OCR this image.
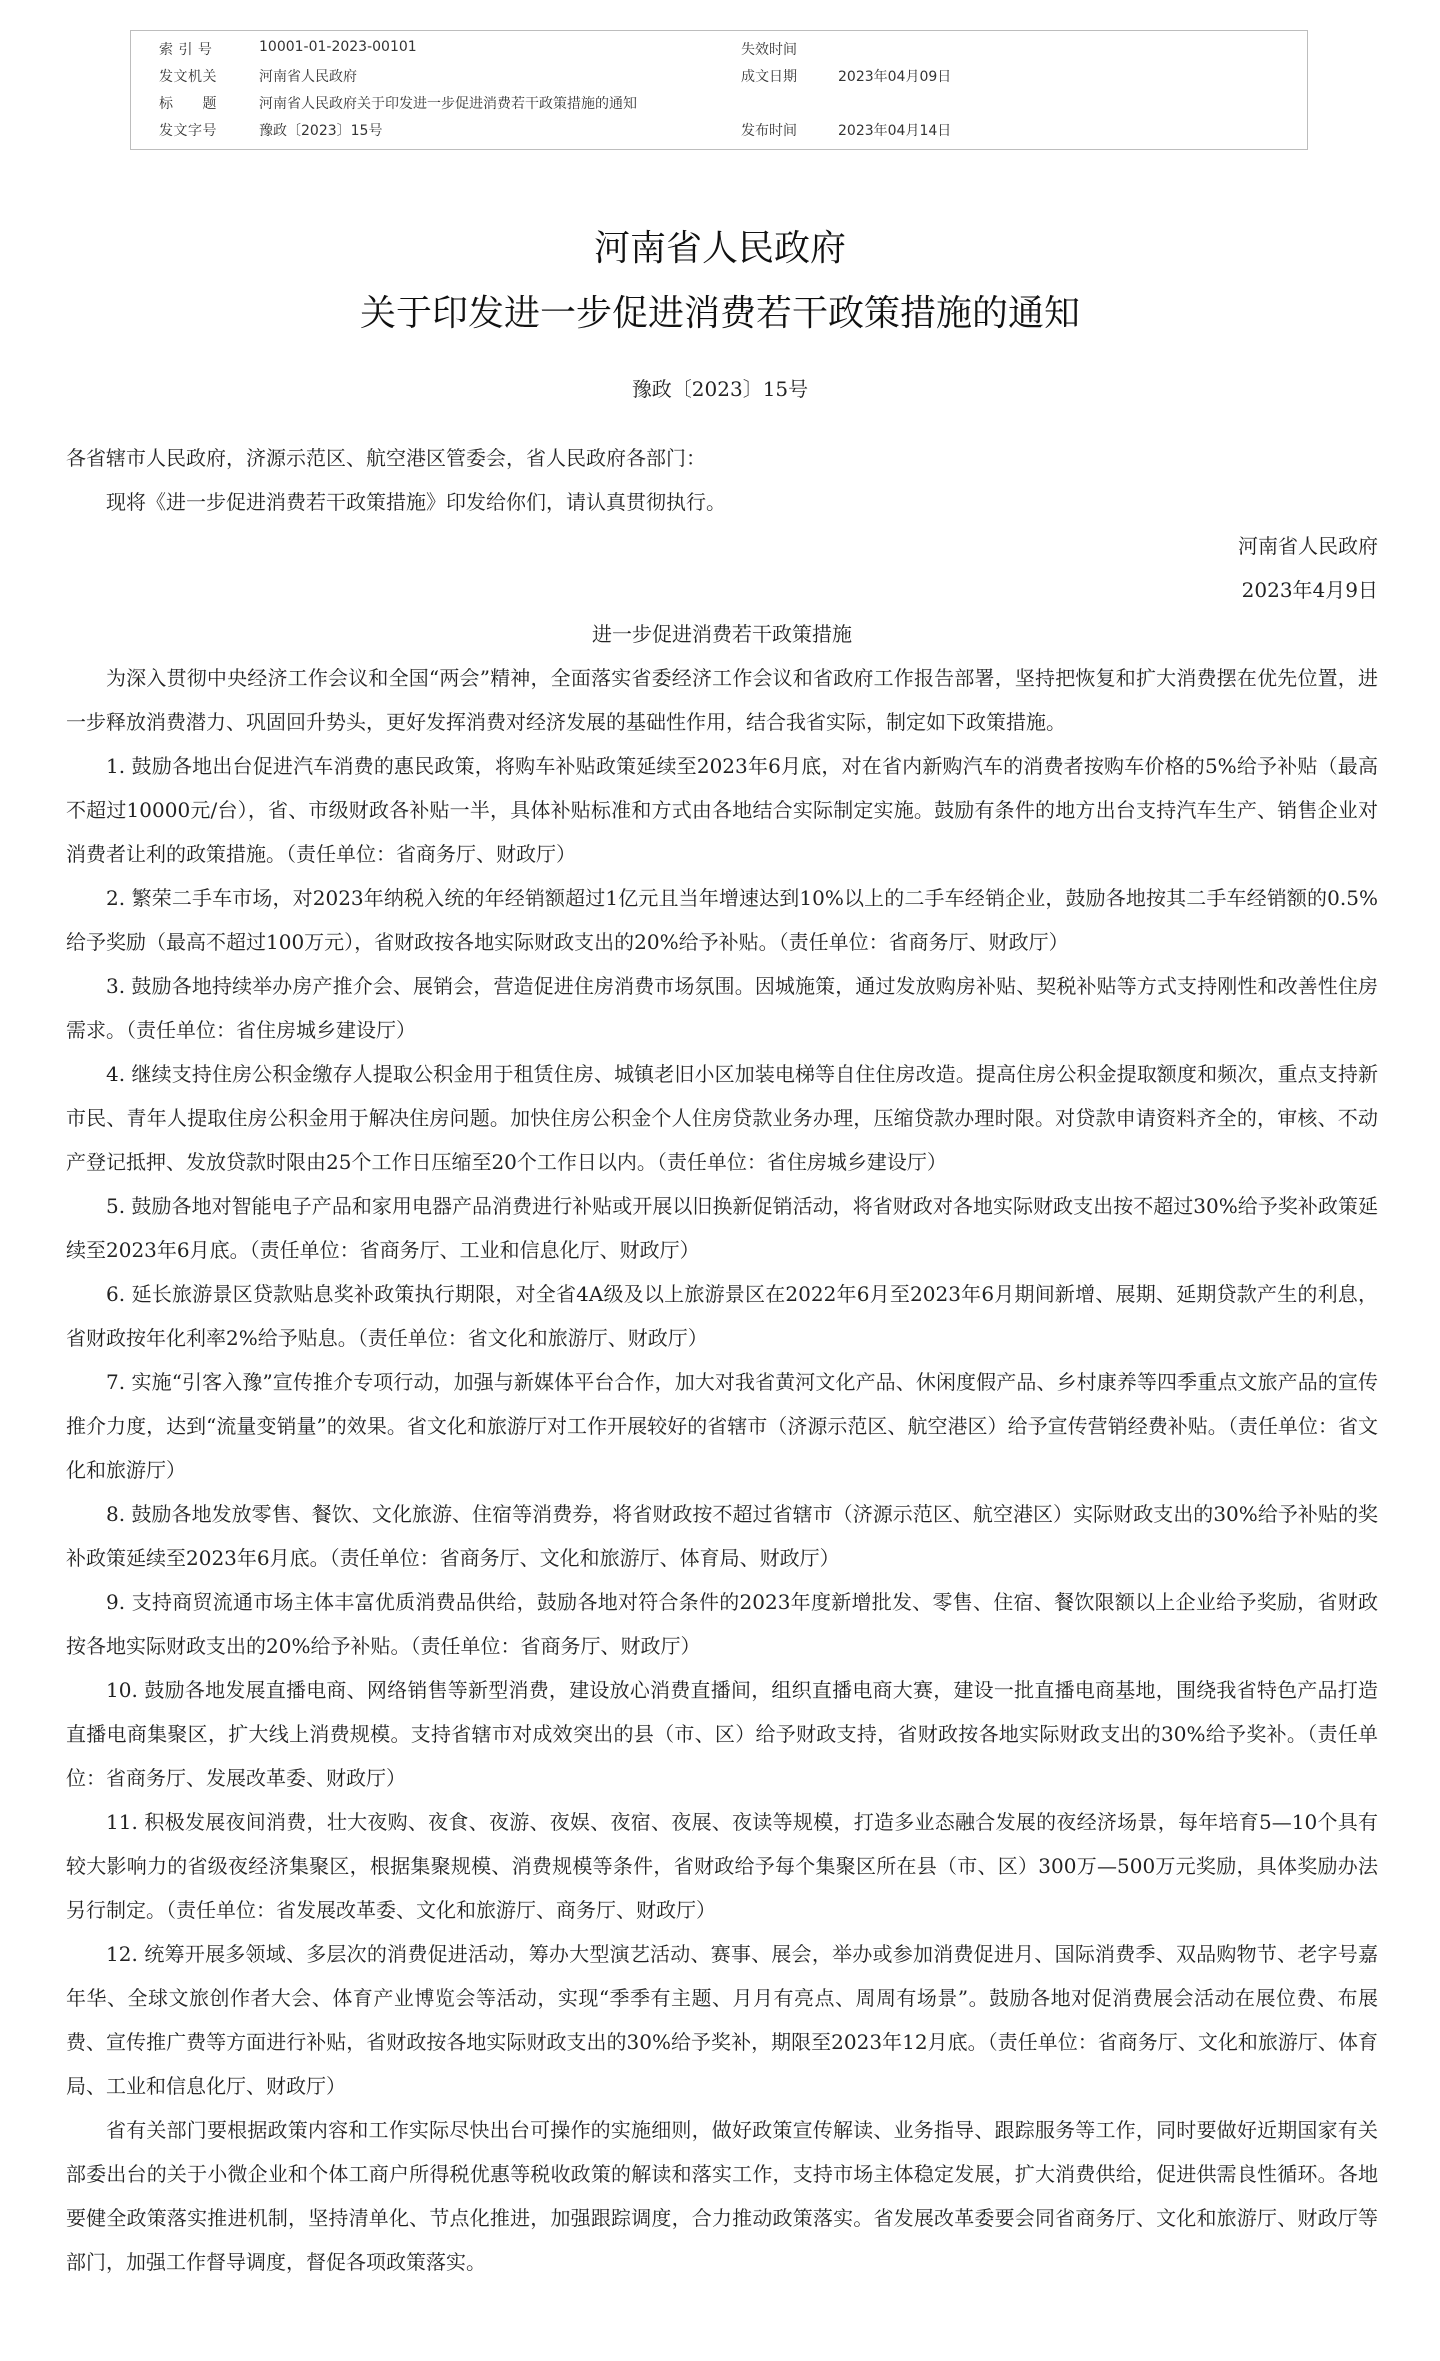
索 引 号	10001-01-2023-00101	失效时间
发文机关	河南省人民政府	成文日期	2023年04月09日
标　　题	河南省人民政府关于印发进一步促进消费若干政策措施的通知
发文字号	豫政〔2023〕15号	发布时间	2023年04月14日
河南省人民政府
关于印发进一步促进消费若干政策措施的通知
豫政〔2023〕15号

各省辖市人民政府，济源示范区、航空港区管委会，省人民政府各部门：

现将《进一步促进消费若干政策措施》印发给你们，请认真贯彻执行。

河南省人民政府

2023年4月9日

进一步促进消费若干政策措施

为深入贯彻中央经济工作会议和全国“两会”精神，全面落实省委经济工作会议和省政府工作报告部署，坚持把恢复和扩大消费摆在优先位置，进一步释放消费潜力、巩固回升势头，更好发挥消费对经济发展的基础性作用，结合我省实际，制定如下政策措施。

1. 鼓励各地出台促进汽车消费的惠民政策，将购车补贴政策延续至2023年6月底，对在省内新购汽车的消费者按购车价格的5%给予补贴（最高不超过10000元/台），省、市级财政各补贴一半，具体补贴标准和方式由各地结合实际制定实施。鼓励有条件的地方出台支持汽车生产、销售企业对消费者让利的政策措施。（责任单位：省商务厅、财政厅）

2. 繁荣二手车市场，对2023年纳税入统的年经销额超过1亿元且当年增速达到10%以上的二手车经销企业，鼓励各地按其二手车经销额的0.5%给予奖励（最高不超过100万元），省财政按各地实际财政支出的20%给予补贴。（责任单位：省商务厅、财政厅）

3. 鼓励各地持续举办房产推介会、展销会，营造促进住房消费市场氛围。因城施策，通过发放购房补贴、契税补贴等方式支持刚性和改善性住房需求。（责任单位：省住房城乡建设厅）

4. 继续支持住房公积金缴存人提取公积金用于租赁住房、城镇老旧小区加装电梯等自住住房改造。提高住房公积金提取额度和频次，重点支持新市民、青年人提取住房公积金用于解决住房问题。加快住房公积金个人住房贷款业务办理，压缩贷款办理时限。对贷款申请资料齐全的，审核、不动产登记抵押、发放贷款时限由25个工作日压缩至20个工作日以内。（责任单位：省住房城乡建设厅）

5. 鼓励各地对智能电子产品和家用电器产品消费进行补贴或开展以旧换新促销活动，将省财政对各地实际财政支出按不超过30%给予奖补政策延续至2023年6月底。（责任单位：省商务厅、工业和信息化厅、财政厅）

6. 延长旅游景区贷款贴息奖补政策执行期限，对全省4A级及以上旅游景区在2022年6月至2023年6月期间新增、展期、延期贷款产生的利息，省财政按年化利率2%给予贴息。（责任单位：省文化和旅游厅、财政厅）

7. 实施“引客入豫”宣传推介专项行动，加强与新媒体平台合作，加大对我省黄河文化产品、休闲度假产品、乡村康养等四季重点文旅产品的宣传推介力度，达到“流量变销量”的效果。省文化和旅游厅对工作开展较好的省辖市（济源示范区、航空港区）给予宣传营销经费补贴。（责任单位：省文化和旅游厅）

8. 鼓励各地发放零售、餐饮、文化旅游、住宿等消费券，将省财政按不超过省辖市（济源示范区、航空港区）实际财政支出的30%给予补贴的奖补政策延续至2023年6月底。（责任单位：省商务厅、文化和旅游厅、体育局、财政厅）

9. 支持商贸流通市场主体丰富优质消费品供给，鼓励各地对符合条件的2023年度新增批发、零售、住宿、餐饮限额以上企业给予奖励，省财政按各地实际财政支出的20%给予补贴。（责任单位：省商务厅、财政厅）

10. 鼓励各地发展直播电商、网络销售等新型消费，建设放心消费直播间，组织直播电商大赛，建设一批直播电商基地，围绕我省特色产品打造直播电商集聚区，扩大线上消费规模。支持省辖市对成效突出的县（市、区）给予财政支持，省财政按各地实际财政支出的30%给予奖补。（责任单位：省商务厅、发展改革委、财政厅）

11. 积极发展夜间消费，壮大夜购、夜食、夜游、夜娱、夜宿、夜展、夜读等规模，打造多业态融合发展的夜经济场景，每年培育5—10个具有较大影响力的省级夜经济集聚区，根据集聚规模、消费规模等条件，省财政给予每个集聚区所在县（市、区）300万—500万元奖励，具体奖励办法另行制定。（责任单位：省发展改革委、文化和旅游厅、商务厅、财政厅）

12. 统筹开展多领域、多层次的消费促进活动，筹办大型演艺活动、赛事、展会，举办或参加消费促进月、国际消费季、双品购物节、老字号嘉年华、全球文旅创作者大会、体育产业博览会等活动，实现“季季有主题、月月有亮点、周周有场景”。鼓励各地对促消费展会活动在展位费、布展费、宣传推广费等方面进行补贴，省财政按各地实际财政支出的30%给予奖补，期限至2023年12月底。（责任单位：省商务厅、文化和旅游厅、体育局、工业和信息化厅、财政厅）

省有关部门要根据政策内容和工作实际尽快出台可操作的实施细则，做好政策宣传解读、业务指导、跟踪服务等工作，同时要做好近期国家有关部委出台的关于小微企业和个体工商户所得税优惠等税收政策的解读和落实工作，支持市场主体稳定发展，扩大消费供给，促进供需良性循环。各地要健全政策落实推进机制，坚持清单化、节点化推进，加强跟踪调度，合力推动政策落实。省发展改革委要会同省商务厅、文化和旅游厅、财政厅等部门，加强工作督导调度，督促各项政策落实。
